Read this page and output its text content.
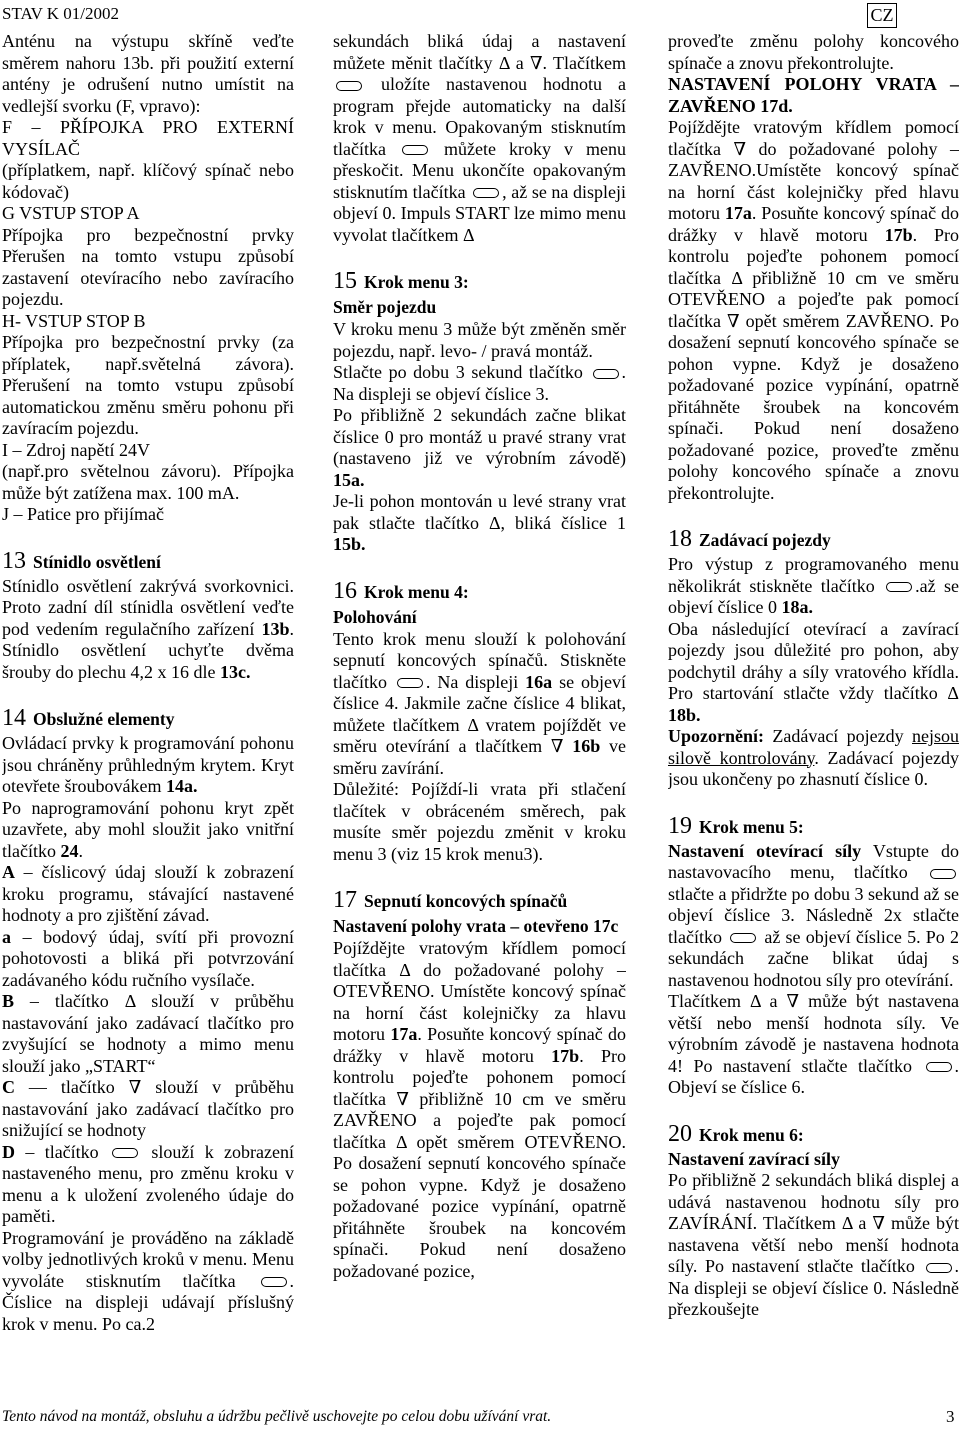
STAV K 01/2002	CZ

Anténu na výstupu skříně veďte směrem nahoru 13b. při použití externí antény je odrušení nutno umístit na vedlejší svorku (F, vpravo):

F – PŘÍPOJKA PRO EXTERNÍ VYSÍLAČ

(příplatkem, např. klíčový spínač nebo kódovač)

G VSTUP STOP A

Přípojka pro bezpečnostní prvky Přerušen na tomto vstupu způsobí zastavení otevíracího nebo zavíracího pojezdu.

H- VSTUP STOP B

Přípojka pro bezpečnostní prvky (za příplatek, např.světelná závora). Přerušení na tomto vstupu způsobí automatickou změnu směru pohonu při zavíracím pojezdu.

I – Zdroj napětí 24V

(např.pro světelnou závoru). Přípojka může být zatížena max. 100 mA.

J – Patice pro přijímač

13 Stínidlo osvětlení

Stínidlo osvětlení zakrývá svorkovnici. Proto zadní díl stínidla osvětlení veďte pod vedením regulačního zařízení 13b. Stínidlo osvětlení uchyťte dvěma šrouby do plechu 4,2 x 16 dle 13c.

14 Obslužné elementy

Ovládací prvky k programování pohonu jsou chráněny průhledným krytem. Kryt otevřete šroubovákem 14a.

Po naprogramování pohonu kryt zpět uzavřete, aby mohl sloužit jako vnitřní tlačítko 24.

A – číslicový údaj slouží k zobrazení kroku programu, stávající nastavené hodnoty a pro zjištění závad.

a – bodový údaj, svítí při provozní pohotovosti a bliká při potvrzování zadávaného kódu ručního vysílače.

B – tlačítko Δ slouží v průběhu nastavování jako zadávací tlačítko pro zvyšující se hodnoty a mimo menu slouží jako „START“

C — tlačítko ∇ slouží v průběhu nastavování jako zadávací tlačítko pro snižující se hodnoty

D – tlačítko  slouží k zobrazení nastaveného menu, pro změnu kroku v menu a k uložení zvoleného údaje do paměti.

Programování je prováděno na základě volby jednotlivých kroků v menu. Menu vyvoláte stisknutím tlačítka . Číslice na displeji udávají příslušný krok v menu. Po ca.2

sekundách bliká údaj a nastavení můžete měnit tlačítky Δ a ∇. Tlačítkem  uložíte nastavenou hodnotu a program přejde automaticky na další krok v menu. Opakovaným stisknutím tlačítka  můžete kroky v menu přeskočit. Menu ukončíte opakovaným stisknutím tlačítka , až se na displeji objeví 0. Impuls START lze mimo menu vyvolat tlačítkem Δ

15 Krok menu 3:
Směr pojezdu

V kroku menu 3 může být změněn směr pojezdu, např. levo- / pravá montáž.

Stlačte po dobu 3 sekund tlačítko . Na displeji se objeví číslice 3.

Po přibližně 2 sekundách začne blikat číslice 0 pro montáž u pravé strany vrat (nastaveno již ve výrobním závodě) 15a.

Je-li pohon montován u levé strany vrat pak stlačte tlačítko Δ, bliká číslice 1 15b.

16 Krok menu 4:
Polohování

Tento krok menu slouží k polohování sepnutí koncových spínačů. Stiskněte tlačítko . Na displeji 16a se objeví číslice 4. Jakmile začne číslice 4 blikat, můžete tlačítkem Δ vratem pojíždět ve směru otevírání a tlačítkem ∇ 16b ve směru zavírání.

Důležité: Pojíždí-li vrata při stlačení tlačítek v obráceném směrech, pak musíte směr pojezdu změnit v kroku menu 3 (viz 15 krok menu3).

17 Sepnutí koncových spínačů
Nastavení polohy vrata – otevřeno 17c

Pojíždějte vratovým křídlem pomocí tlačítka Δ do požadované polohy – OTEVŘENO. Umístěte koncový spínač na horní část kolejničky za hlavu motoru 17a. Posuňte koncový spínač do drážky v hlavě motoru 17b. Pro kontrolu pojeďte pohonem pomocí tlačítka ∇ přibližně 10 cm ve směru ZAVŘENO a pojeďte pak pomocí tlačítka Δ opět směrem OTEVŘENO. Po dosažení sepnutí koncového spínače se pohon vypne. Když je dosaženo požadované pozice vypínání, opatrně přitáhněte šroubek na koncovém spínači. Pokud není dosaženo požadované pozice,

proveďte změnu polohy koncového spínače a znovu překontrolujte.

NASTAVENÍ POLOHY VRATA – ZAVŘENO 17d.

Pojíždějte vratovým křídlem pomocí tlačítka ∇ do požadované polohy – ZAVŘENO.Umístěte koncový spínač na horní část kolejničky před hlavu motoru 17a. Posuňte koncový spínač do drážky v hlavě motoru 17b. Pro kontrolu pojeďte pohonem pomocí tlačítka Δ přibližně 10 cm ve směru OTEVŘENO a pojeďte pak pomocí tlačítka ∇ opět směrem ZAVŘENO. Po dosažení sepnutí koncového spínače se pohon vypne. Když je dosaženo požadované pozice vypínání, opatrně přitáhněte šroubek na koncovém spínači. Pokud není dosaženo požadované pozice, proveďte změnu polohy koncového spínače a znovu překontrolujte.

18 Zadávací pojezdy

Pro výstup z programovaného menu několikrát stiskněte tlačítko .až se objeví číslice 0 18a.

Oba následující otevírací a zavírací pojezdy jsou důležité pro pohon, aby podchytil dráhy a síly vratového křídla. Pro startování stlačte vždy tlačítko Δ 18b.

Upozornění: Zadávací pojezdy nejsou silově kontrolovány. Zadávací pojezdy jsou ukončeny po zhasnutí číslice 0.

19 Krok menu 5:

Nastavení otevírací síly Vstupte do nastavovacího menu, tlačítko  stlačte a přidržte po dobu 3 sekund až se objeví číslice 3. Následně 2x stlačte tlačítko  až se objeví číslice 5. Po 2 sekundách začne blikat údaj s nastavenou hodnotou síly pro otevírání.

Tlačítkem Δ a ∇ může být nastavena větší nebo menší hodnota síly. Ve výrobním závodě je nastavena hodnota 4! Po nastavení stlačte tlačítko . Objeví se číslice 6.

20 Krok menu 6:

Nastavení zavírací síly

Po přibližně 2 sekundách bliká displej a udává nastavenou hodnotu síly pro ZAVÍRÁNÍ. Tlačítkem Δ a ∇ může být nastavena větší nebo menší hodnota síly. Po nastavení stlačte tlačítko . Na displeji se objeví číslice 0. Následně přezkoušejte

Tento návod na montáž, obsluhu a údržbu pečlivě uschovejte po celou dobu užívání vrat.	3
